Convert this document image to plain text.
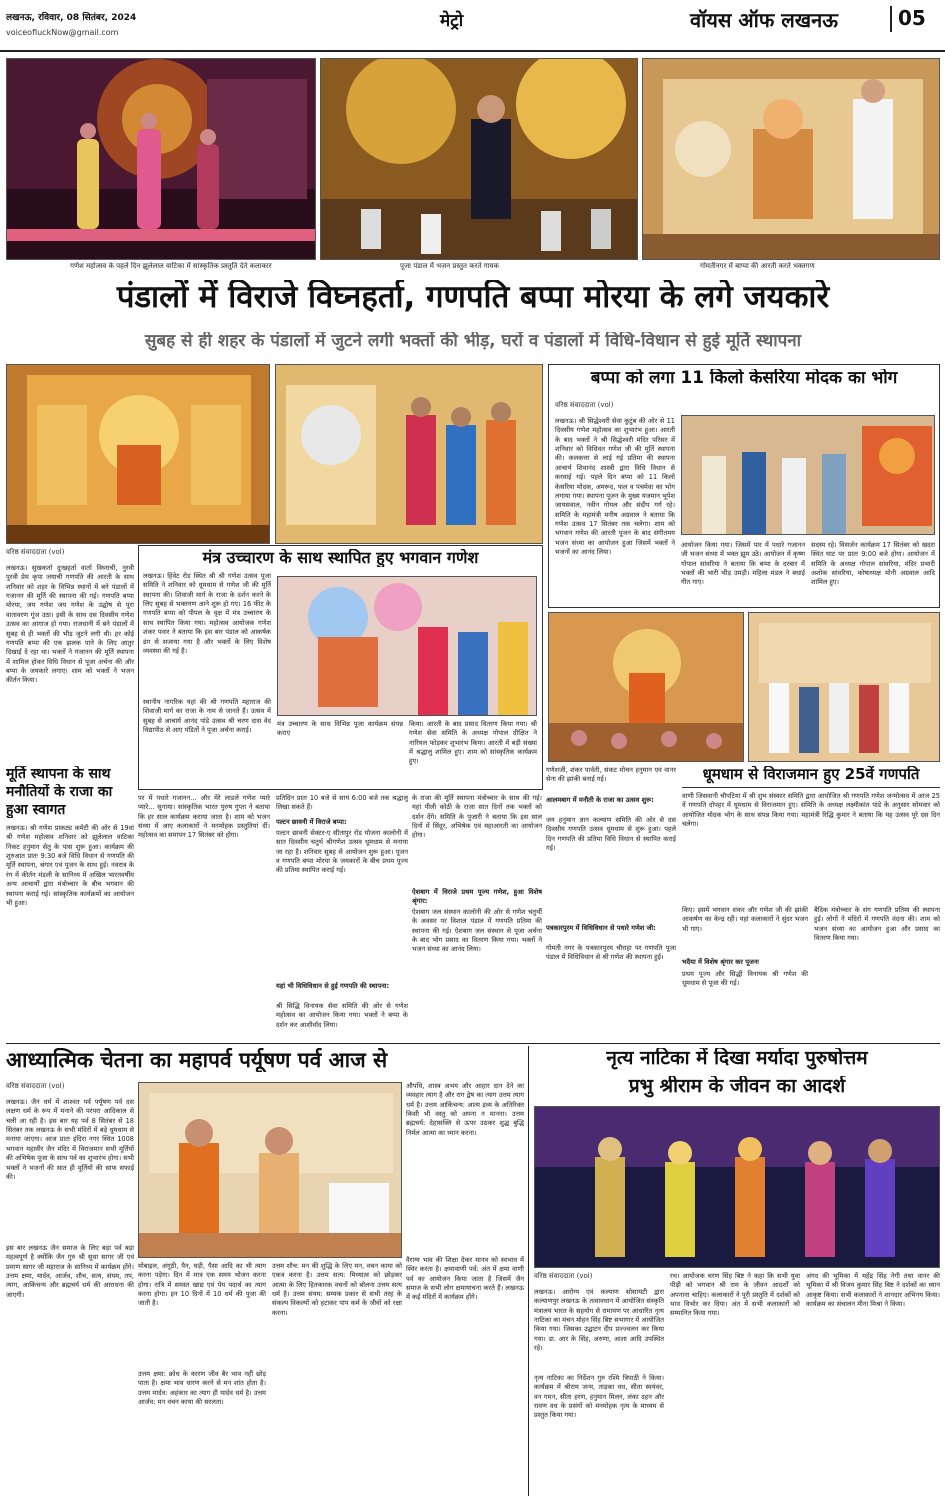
लखनऊ, रविवार, 08 सितंबर, 2024
voiceofluckNow@gmail.com
मेट्रो	वॉयस ऑफ लखनऊ	05
गणेश महोत्सव के पहले दिन झूलेलाल वाटिका में सांस्कृतिक प्रस्तुति देते कलाकार	पूजा पंडाल में भजन प्रस्तुत करते गायक	गोमतीनगर में बाप्पा की आरती करते भक्तगण
पंडालों में विराजे विघ्नहर्ता, गणपति बप्पा मोरया के लगे जयकारे
सुबह से ही शहर के पंडालों में जुटने लगी भक्तों की भीड़, घरों व पंडालों में विधि-विधान से हुई मूर्ति स्थापना
बप्पा को लगा 11 किलो केसरिया मोदक का भोग
वरिष्ठ संवाददाता (vol)
लखनऊ। श्री सिद्धेश्वरी सेवा कुटुंब की ओर से 11 दिवसीय गणेश महोत्सव का शुभारंभ हुआ। आरती के बाद भक्तों ने श्री सिद्धेश्वरी मंदिर परिसर में शनिवार को विधिवत गणेश जी की मूर्ति स्थापना की। कलकत्ता से लाई गई प्रतिमा की स्थापना आचार्य शिवानंद शास्त्री द्वारा विधि विधान से करवाई गई। पहले दिन बप्पा को 11 किलो केसरिया मोदक, अमरूद, फल व पंचमेवा का भोग लगाया गया। स्थापना पूजन के मुख्य यजमान भूपेश जायसवाल, नवीन गोयल और संदीप गर्ग रहे। समिति के महामंत्री मनीष अग्रवाल ने बताया कि गणेश उत्सव 17 सितंबर तक चलेगा। शाम को भगवान गणेश की आरती पूजन के बाद संगीतमय भजन संध्या का आयोजन हुआ जिसमें भक्तों ने भजनों का आनंद लिया।
आयोजन किया गया। जिसमें पार में पधारे गजानन जी भजन संध्या में भक्त झूम उठे। आयोजन में कृष्ण गोपाल सांवरिया ने बताया कि बप्पा के दरबार में भक्तों की भारी भीड़ उमड़ी। महिला मंडल ने बधाई गीत गाए।
सदस्य रहे। विसर्जन कार्यक्रम 17 सितंबर को खदरा स्थित घाट पर प्रातः 9:00 बजे होगा। आयोजन में समिति के अध्यक्ष गोपाल सांवरिया, मंदिर प्रभारी अशोक सांवरिया, कोषाध्यक्ष मोनी अग्रवाल आदि शामिल हुए।
वरिष्ठ संवाददाता (vol)
लखनऊ। सुखकर्ता दुःखहर्ता वार्ता विघ्नाची, नुरवी पुरवी प्रेम कृपा जयाची गणपति की आरती के साथ शनिवार को शहर के विभिन्न स्थानों में बने पंडालों में गजानन की मूर्ति की स्थापना की गई। गणपति बप्पा मोरया, जय गणेश जय गणेश के उद्घोष से पूरा वातावरण गूंज उठा। इसी के साथ दस दिवसीय गणेश उत्सव का आगाज हो गया। राजधानी में बने पंडालों में सुबह से ही भक्तों की भीड़ जुटने लगी थी। हर कोई गणपति बप्पा की एक झलक पाने के लिए आतुर दिखाई दे रहा था। भक्तों ने गजानन की मूर्ति स्थापना में शामिल होकर विधि विधान से पूजा अर्चना की और बप्पा के जयकारे लगाए। शाम को भक्तों ने भजन कीर्तन किया।
मंत्र उच्चारण के साथ स्थापित हुए भगवान गणेश
लखनऊ। हिंवेट रोड स्थित श्री श्री गणेश उत्सव पूजा समिति ने शनिवार को धूमधाम से गणेश जी की मूर्ति स्थापना की। शिवाजी मार्ग के राजा के दर्शन करने के लिए सुबह से भक्तगण आने शुरू हो गए। 16 फीट के गणपति बप्पा को पीपल के वृक्ष में मंत्र उच्चारण के साथ स्थापित किया गया। महोत्सव आयोजक गणेश शंकर पवार ने बताया कि इस बार पंडाल को आकर्षक ढंग से सजाया गया है और भक्तों के लिए विशेष व्यवस्था की गई है।
स्थानीय नागरिक यहां की श्री गणपति महाराज की शिवाजी मार्ग का राजा के नाम से जानते हैं। उत्सव में सुबह से आचार्य आनंद पांडे उत्सव श्री चरण दास वेद विद्यापीठ से आए पंडितों ने पूजा अर्चना कराई।
मंत्र उच्चारण के साथ विभिन्न पूजा कार्यक्रम संपन्न कराए
किया। आरती के बाद प्रसाद वितरण किया गया। श्री गणेश सेवा समिति के अध्यक्ष गोपाल दीक्षित ने नारियल फोड़कर शुभारंभ किया। आरती में बड़ी संख्या में श्रद्धालु शामिल हुए। शाम को सांस्कृतिक कार्यक्रम हुए।
मूर्ति स्थापना के साथ
मनौतियों के राजा का
हुआ स्वागत
लखनऊ। श्री गणेश प्राकट्य कमेटी की ओर से 19वां श्री गणेश महोत्सव शनिवार को झूलेलाल वाटिका निकट हनुमान सेतु के पास शुरू हुआ। कार्यक्रम की शुरुआत प्रातः 9:30 बजे विधि विधान से गणपति की मूर्ति स्थापना, श्रंगार एवं पूजन के साथ हुई। नवरात्र के रंग में कीर्तन मंडली के सानिध्य में अखिल भारतवर्षीय अन्य आचार्यों द्वारा मंत्रोच्चार के बीच भगवान की स्थापना कराई गई। सांस्कृतिक कार्यक्रमों का आयोजन भी हुआ।
पर में पधारे गजानन... और मेरे लाडले गणेश प्यारे प्यारे... सुनाया। सांस्कृतिक भारत पुरुष गुप्ता ने बताया कि हर साल कार्यक्रम कराया जाता है। शाम को भजन संध्या में आए कलाकारों ने मनमोहक प्रस्तुतियां दीं। महोत्सव का समापन 17 सितंबर को होगा।
प्रतिदिन प्रातः 10 बजे से सायं 6:00 बजे तक श्रद्धालु लिखा सकते हैं।
पल्टन छावनी में विराजे बप्पा:
पल्टन छावनी सेक्टर-ए सीतापुर रोड योजना कालोनी में सात दिवसीय चतुर्थ श्रीगणेश उत्सव धूमधाम से मनाया जा रहा है। शनिवार सुबह से आयोजन शुरू हुआ। पूजन व गणपति बप्पा मोरया के जयकारों के बीच प्रथम पूज्य की प्रतिमा स्थापित कराई गई।
यहां भी विधिविधान से हुई गणपति की स्थापना:
श्री सिद्धि विनायक सेवा समिति की ओर से गणेश महोत्सव का आयोजन किया गया। भक्तों ने बप्पा के दर्शन कर आशीर्वाद लिया।
के राजा की मूर्ति स्थापना मंत्रोच्चार के साथ की गई। यहां पीली कोठी के राजा सात दिनों तक भक्तों को दर्शन देंगे। समिति के पुजारी ने बताया कि इस साल दिनों में सिंदूर, अभिषेक एवं महाआरती का आयोजन होगा।
ऐशबाग में विराजे प्रथम पूज्य गणेश, हुआ विशेष श्रृंगार:
ऐशबाग जल संस्थान कालोनी की ओर से गणेश चतुर्थी के अवसर पर विशाल पंडाल में गणपति प्रतिमा की स्थापना की गई। ऐशबाग जल संस्थान से पूजा अर्चना के बाद भोग प्रसाद का वितरण किया गया। भक्तों ने भजन संध्या का आनंद लिया।
गणेशजी, शंकर पार्वती, संकट मोचन हनुमान एवं वानर सेना की झांकी बनाई गई।
आलमबाग में मनौती के राजा का उत्सव शुरू:
जय हनुमान ज्ञान कल्याण समिति की ओर से दस दिवसीय गणपति उत्सव धूमधाम से शुरू हुआ। पहले दिन गणपति की प्रतिमा विधि विधान से स्थापित कराई गई।
पत्रकारपुरम में विधिविधान से पधारे गणेश जी:
गोमती नगर के पत्रकारपुरम चौराहा पर गणपति पूजा पंडाल में विधिविधान से श्री गणेश की स्थापना हुई।
धूमधाम से विराजमान हुए 25वें गणपति
वाणी जिसवानी चौपटिया में श्री शुभ संस्कार समिति द्वारा आयोजित श्री गणपति गणेश जन्मोत्सव में आज 25 वें गणपति दोपहर में धूमधाम से विराजमान हुए। समिति के अध्यक्ष लक्ष्मीकांत पांडे के अनुसार सोमवार को आयोजित मोदक भोग के साथ संपन्न किया गया। महामंत्री रिद्धि कुमार ने बताया कि यह उत्सव पूरे दस दिन चलेगा।
किए। इसमें भगवान शंकर और गणेश जी की झांकी आकर्षण का केन्द्र रही। यहां कलाकारों ने सुंदर भजन भी गाए।
भदैया में विशेष श्रृंगार कर पूजनः
प्रथम पूज्य और सिद्धी विनायक श्री गणेश की धूमधाम से पूजा की गई।
बैदिक मंत्रोच्चार के संग गणपति प्रतिमा की स्थापना हुई। लोगों ने मंदिरों में गणपति वंदना की। शाम को भजन संध्या का आयोजन हुआ और प्रसाद का वितरण किया गया।
आध्यात्मिक चेतना का महापर्व पर्यूषण पर्व आज से
वरिष्ठ संवाददाता (vol)
लखनऊ। जैन धर्म में शाश्वत पर्व पर्यूषण पर्व दस लक्षण धर्म के रूप में मनाने की परंपरा आदिकाल से चली आ रही है। इस बार यह पर्व 8 सितंबर से 18 सितंबर तक लखनऊ के सभी मंदिरों में बड़े धूमधाम से मनाया जाएगा। आज प्रातः इंदिरा नगर स्थित 1008 भगवान महावीर जैन मंदिर में विराजमान सभी मूर्तियों की अभिषेक पूजा के साथ पर्व का शुभारंभ होगा। सभी भक्तों ने भजनों की सात ही मूर्तियों की साफ सफाई की।
इस बार लखनऊ जैन समाज के लिए बड़ा पर्व बड़ा महत्वपूर्ण है क्योंकि जैन गुरु श्री सुधा सागर जी एवं प्रमाण सागर जी महाराज के सानिध्य में कार्यक्रम होंगे। उत्तम क्षमा, मार्दव, आर्जव, शौच, सत्य, संयम, तप, त्याग, आकिंचन्य और ब्रह्मचर्य धर्म की आराधना की जाएगी।
मोबाइल, अंगूठी, पैन, घड़ी, पैसा आदि का भी त्याग करना पड़ेगा। दिन में मात्र एक समय भोजन करना होगा। रात्रि में समस्त खाद्य एवं पेय पदार्थ का त्याग करना होगा। इन 10 दिनों में 10 धर्म की पूजा की जाती है।
उत्तम क्षमा: क्रोध के कारण जीव बैर भाव नहीं छोड़ पाता है। क्षमा भाव धारण करने से मन शांत होता है। उत्तम मार्दव: अहंकार का त्याग ही मार्दव धर्म है। उत्तम आर्जव: मन वचन काया की सरलता।
उत्तम शौच: मन की शुद्धि के लिए मन, वचन काया को एकत्र करना है। उत्तम सत्य: मिथ्यात्व को छोड़कर आत्मा के लिए हितकारक वचनों को बोलना उत्तम सत्य धर्म है। उत्तम संयम: सम्यक प्रकार से सभी तरह के संकल्प विकल्पों को हटाकर पाप कर्म के जीवों को रक्षा करना।
औपधि, शास्त्र अभय और आहार दान देने का व्यवहार त्याग है और राग द्वेष का त्याग उत्तम त्याग धर्म है। उत्तम आकिंचन्य: आत्म द्रव्य के अतिरिक्त किसी भी वस्तु को अपना न मानना। उत्तम ब्रह्मचर्य: देहासक्ति से ऊपर उठकर शुद्ध बुद्धि निर्मल आत्मा का ध्यान करना।
वैराग्य भाव की शिक्षा देकर मानव को स्वभाव में स्थिर करता है। क्षमावाणी पर्व: अंत में क्षमा वाणी पर्व का आयोजन किया जाता है जिसमें जैन समाज के सभी लोग क्षमायाचना करते हैं। लखनऊ में कई मंदिरों में कार्यक्रम होंगे।
नृत्य नाटिका में दिखा मर्यादा पुरुषोत्तम
प्रभु श्रीराम के जीवन का आदर्श
वरिष्ठ संवाददाता (vol)
लखनऊ। आरोग्य एवं कल्याण सोसायटी द्वारा कल्याणपुर लखनऊ के तत्वावधान में आयोजित संस्कृति मंत्रालय भारत के सहयोग से रामायण पर आधारित नृत्य नाटिका का मंचन मोहन सिंह बिष्ट सभागार में आयोजित किया गया। जिसका उद्घाटन दीप प्रज्ज्वलन कर किया गया। डा. आर के सिंह, अरुणा, आशा आदि उपस्थित रहे।
नृत्य नाटिका का निर्देशन गुरु रश्मि त्रिपाठी ने किया। कार्यक्रम में श्रीराम जन्म, ताड़का वध, सीता स्वयंवर, वन गमन, सीता हरण, हनुमान मिलन, लंका दहन और रावण वध के प्रसंगों को मनमोहक नृत्य के माध्यम से प्रस्तुत किया गया।
रथ। आयोजक चरण सिंह बिष्ट ने कहा कि सभी युवा पीढ़ी को भगवान श्री राम के जीवन आदर्शों को अपनाना चाहिए। कलाकारों ने पूरी प्रस्तुति में दर्शकों को भाव विभोर कर दिया। अंत में सभी कलाकारों को सम्मानित किया गया।
अंगद की भूमिका में महेंद्र सिंह नेगी तथा वानर की भूमिका में श्री विजय कुमार सिंह बिष्ट ने दर्शकों का ध्यान आकृष्ट किया। सभी कलाकारों ने शानदार अभिनय किया। कार्यक्रम का संचालन मीना मिश्रा ने किया।
